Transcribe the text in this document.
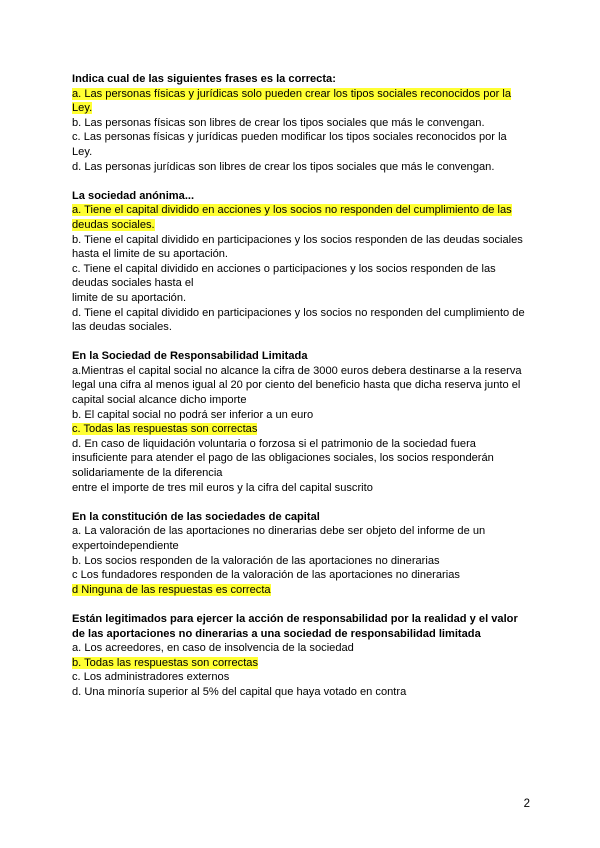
Indica cual de las siguientes frases es la correcta:
a. Las personas físicas y jurídicas solo pueden crear los tipos sociales reconocidos por la Ley.
b. Las personas físicas son libres de crear los tipos sociales que más le convengan.
c. Las personas físicas y jurídicas pueden modificar los tipos sociales reconocidos por la Ley.
d. Las personas jurídicas son libres de crear los tipos sociales que más le convengan.
La sociedad anónima...
a. Tiene el capital dividido en acciones y los socios no responden del cumplimiento de las deudas sociales.
b. Tiene el capital dividido en participaciones y los socios responden de las deudas sociales hasta el limite de su aportación.
c. Tiene el capital dividido en acciones o participaciones y los socios responden de las deudas sociales hasta el
limite de su aportación.
d. Tiene el capital dividido en participaciones y los socios no responden del cumplimiento de las deudas sociales.
En la Sociedad de Responsabilidad Limitada
a.Mientras el capital social no alcance la cifra de 3000 euros debera destinarse a la reserva legal una cifra al menos igual al 20 por ciento del beneficio hasta que dicha reserva junto el capital social alcance dicho importe
b. El capital social no podrá ser inferior a un euro
c. Todas las respuestas son correctas
d. En caso de liquidación voluntaria o forzosa si el patrimonio de la sociedad fuera insuficiente para atender el pago de las obligaciones sociales, los socios responderán solidariamente de la diferencia
entre el importe de tres mil euros y la cifra del capital suscrito
En la constitución de las sociedades de capital
a. La valoración de las aportaciones no dinerarias debe ser objeto del informe de un expertoindependiente
b. Los socios responden de la valoración de las aportaciones no dinerarias
c Los fundadores responden de la valoración de las aportaciones no dinerarias
d Ninguna de las respuestas es correcta
Están legitimados para ejercer la acción de responsabilidad por la realidad y el valor de las aportaciones no dinerarias a una sociedad de responsabilidad limitada
a. Los acreedores, en caso de insolvencia de la sociedad
b. Todas las respuestas son correctas
c. Los administradores externos
d. Una minoría superior al 5% del capital que haya votado en contra
2
